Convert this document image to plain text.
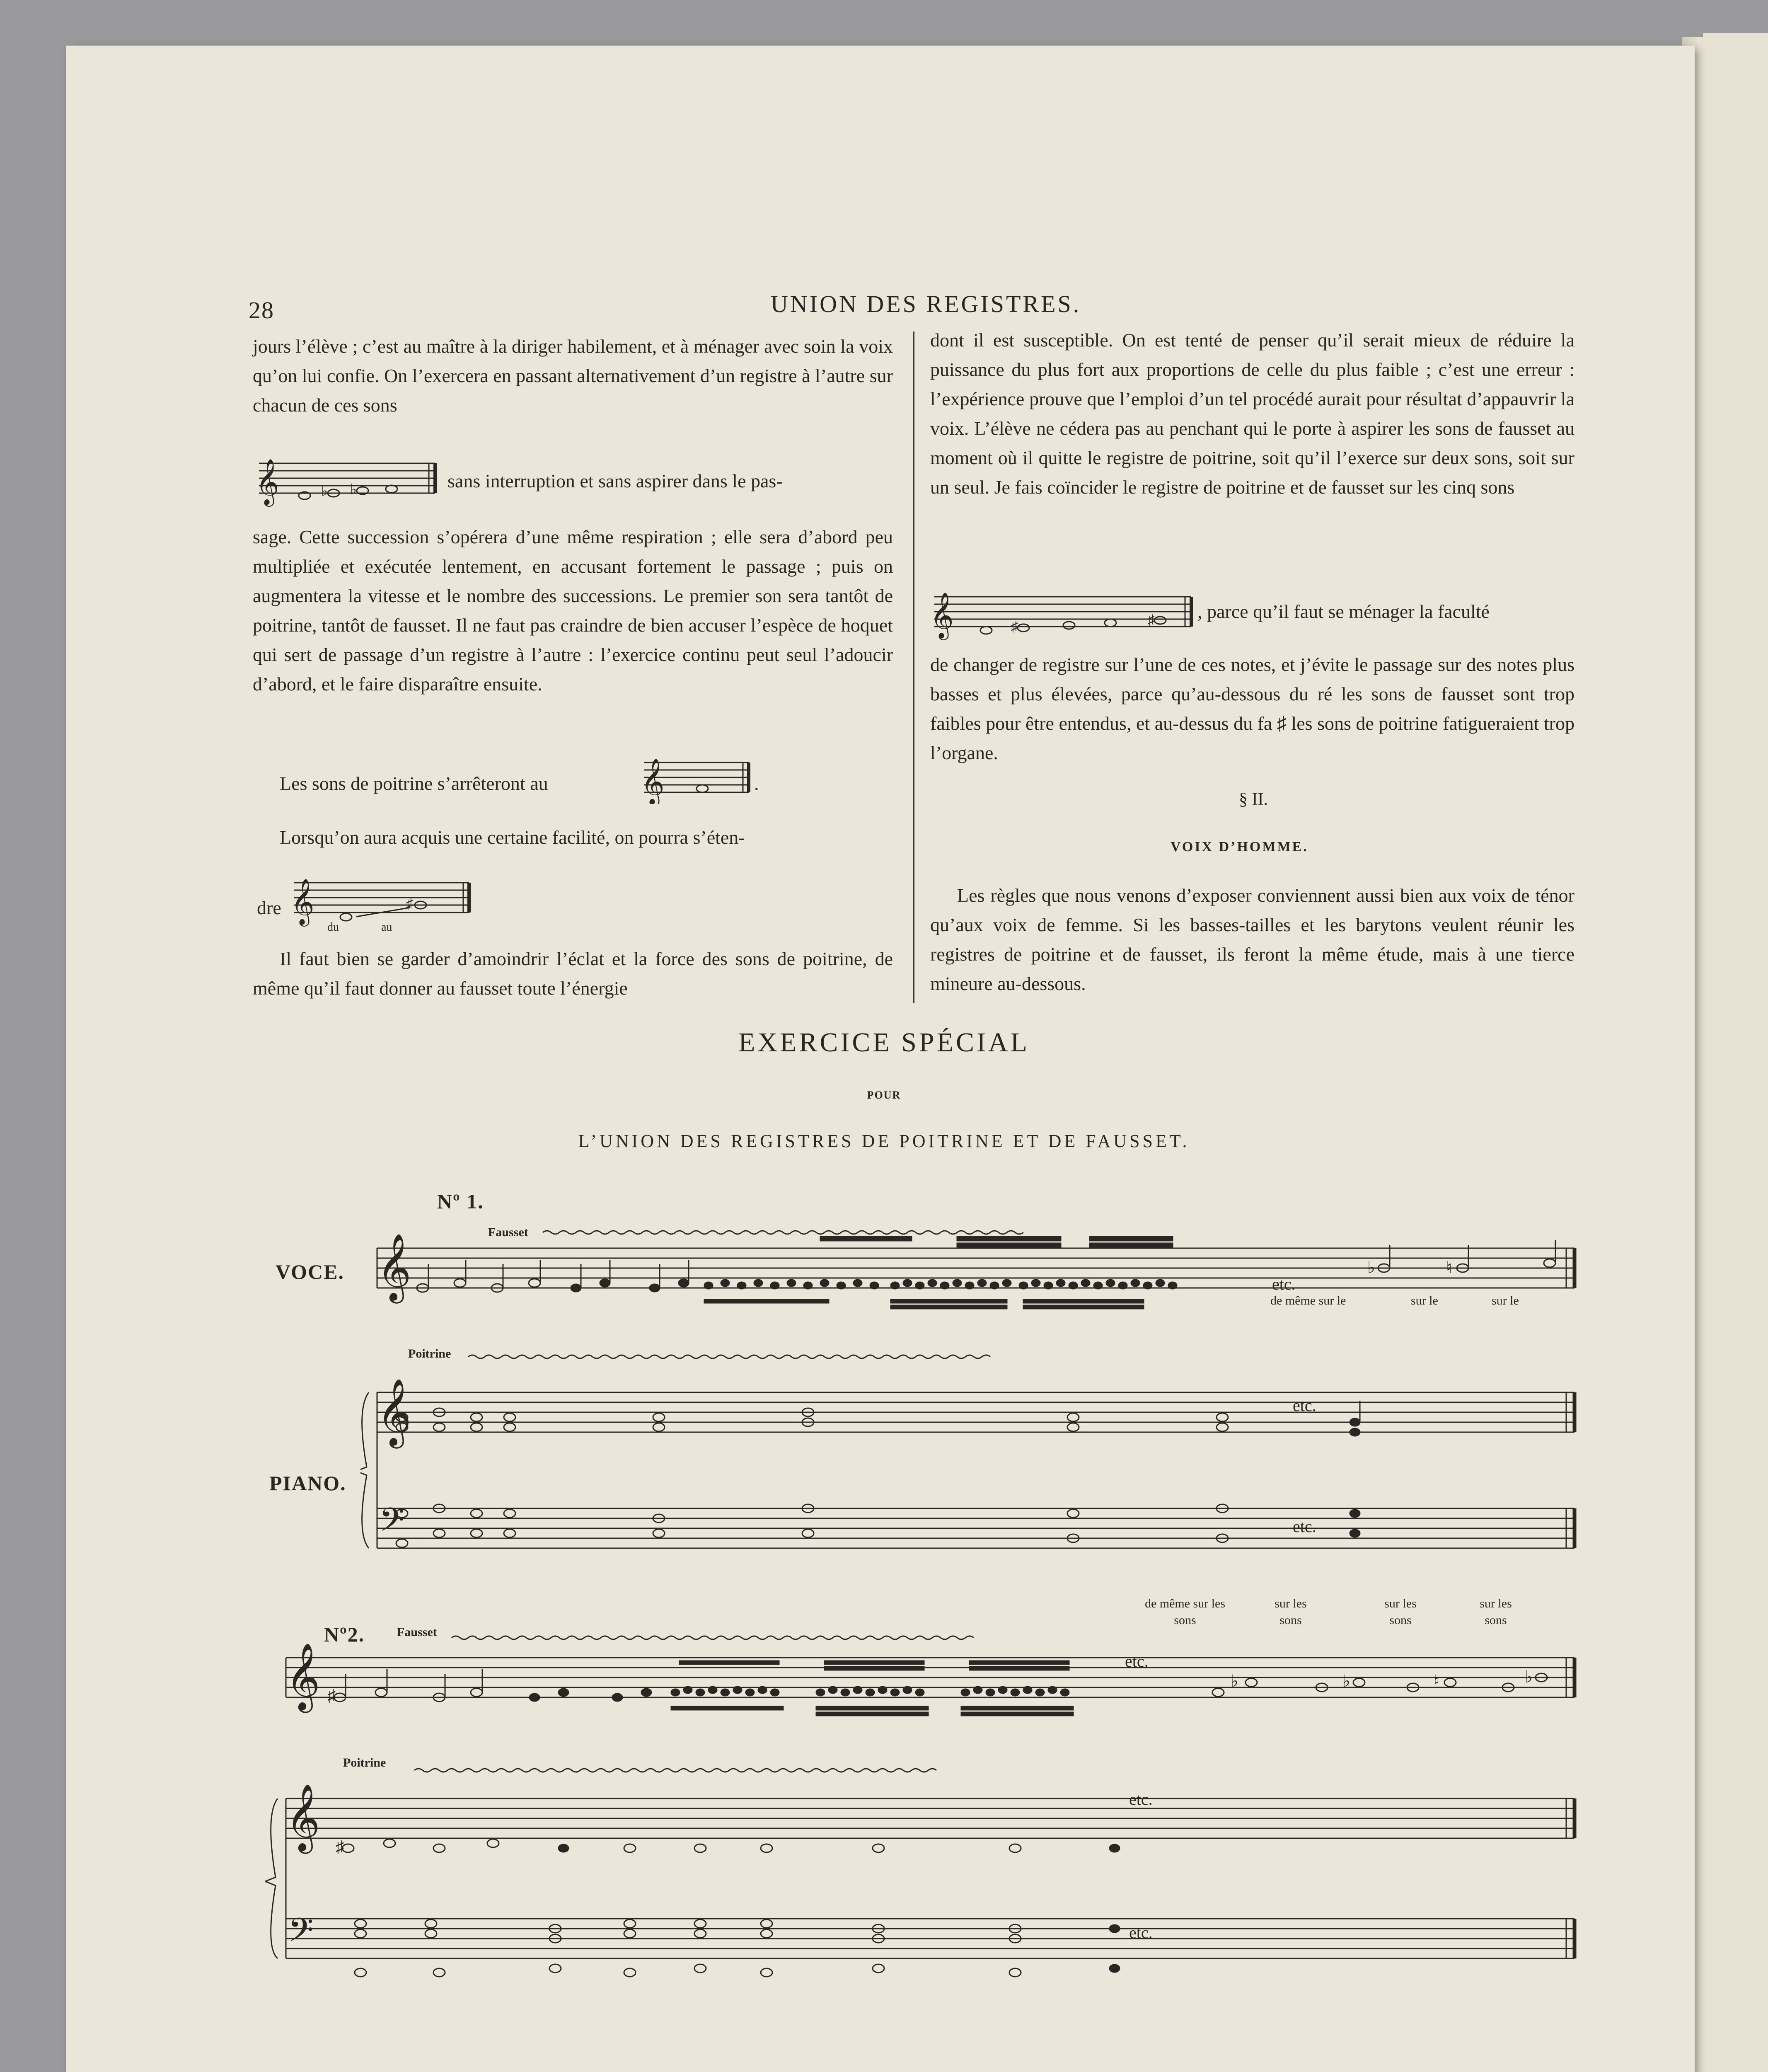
28	UNION DES REGISTRES.

jours l’élève ; c’est au maître à la diriger habilement, et à ménager avec soin la voix qu’on lui confie. On l’exercera en passant alternativement d’un registre à l’autre sur chacun de ces sons

𝄞	♭ ♭	sans interruption et sans aspirer dans le pas-

sage. Cette succession s’opérera d’une même respiration ; elle sera d’abord peu multipliée et exécutée lentement, en accusant fortement le passage ; puis on augmentera la vitesse et le nombre des successions. Le premier son sera tantôt de poitrine, tantôt de fausset. Il ne faut pas craindre de bien accuser l’espèce de hoquet qui sert de passage d’un registre à l’autre : l’exercice continu peut seul l’adoucir d’abord, et le faire disparaître ensuite.

Les sons de poitrine s’arrêteront au	𝄞	.
Lorsqu’on aura acquis une certaine facilité, on pourra s’éten-
dre 𝄞	♯
du	au

Il faut bien se garder d’amoindrir l’éclat et la force des sons de poitrine, de même qu’il faut donner au fausset toute l’énergie

dont il est susceptible. On est tenté de penser qu’il serait mieux de réduire la puissance du plus fort aux proportions de celle du plus faible ; c’est une erreur : l’expérience prouve que l’emploi d’un tel procédé aurait pour résultat d’appauvrir la voix. L’élève ne cédera pas au penchant qui le porte à aspirer les sons de fausset au moment où il quitte le registre de poitrine, soit qu’il l’exerce sur deux sons, soit sur un seul. Je fais coïncider le registre de poitrine et de fausset sur les cinq sons

𝄞	♯	♯ , parce qu’il faut se ménager la faculté

de changer de registre sur l’une de ces notes, et j’évite le passage sur des notes plus basses et plus élevées, parce qu’au-dessous du ré les sons de fausset sont trop faibles pour être entendus, et au-dessus du fa ♯ les sons de poitrine fatigueraient trop l’organe.

§ II.
VOIX D’HOMME.

Les règles que nous venons d’exposer conviennent aussi bien aux voix de ténor qu’aux voix de femme. Si les basses-tailles et les barytons veulent réunir les registres de poitrine et de fausset, ils feront la même étude, mais à une tierce mineure au-dessous.

EXERCICE SPÉCIAL
POUR
L’UNION DES REGISTRES DE POITRINE ET DE FAUSSET.
Nº 1.
VOCE.
PIANO.
Fausset
Poitrine
𝄞
𝄞
𝄢
♭	♮
etc.
de même sur le	sur le	sur le
etc.
etc.
Nº2.	Fausset
Poitrine
de même sur les sons
sur les sons
sur les sons
sur les sons
𝄞
𝄞
𝄢
♯
♯
♭	♭	♮	♭
etc.
etc.
etc.
